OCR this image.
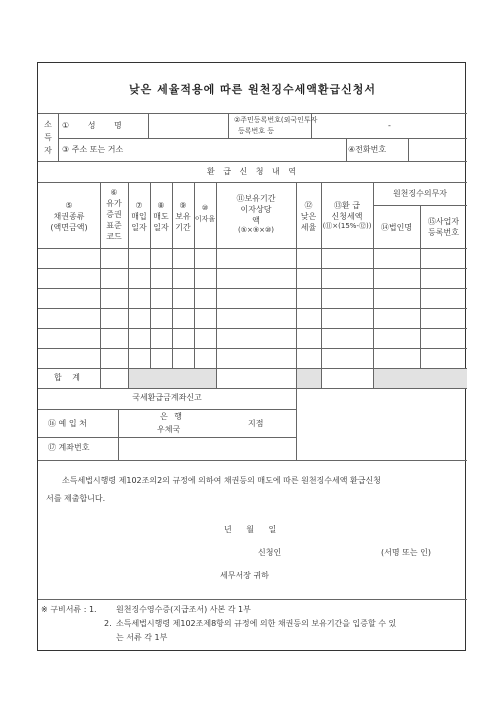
낮은 세율적용에 따른 원천징수세액환급신청서
소
득
자
① 성 명
②주민등록번호(외국인투자
등록번호 등
-
③ 주소 또는 거소	④전화번호
환 급 신 청 내 역
⑤
채권종류
(액면금액)
⑥
유가
증권
표준
코드
⑦
매입
일자
⑧
매도
일자
⑨
보유
기간
⑩
이자율
⑪보유기간
이자상당
액
(⑤×⑨×⑩)
⑫
낮은
세율
⑬환 급
신청세액
(⑪×(15%-⑫))
원천징수의무자
⑭법인명
⑮사업자
등록번호
합 계
국세환급금계좌신고
⑯ 예 입 처
은 행
우체국
지점
⑰ 계좌번호
소득세법시행령 제102조의2의 규정에 의하여 채권등의 매도에 따른 원천징수세액 환급신청
서를 제출합니다.
년 월 일
신청인	(서명 또는 인)
세무서장 귀하
※ 구비서류 : 1. 원천징수영수증(지급조서) 사본 각 1부
2. 소득세법시행령 제102조제8항의 규정에 의한 채권등의 보유기간을 입증할 수 있
는 서류 각 1부
